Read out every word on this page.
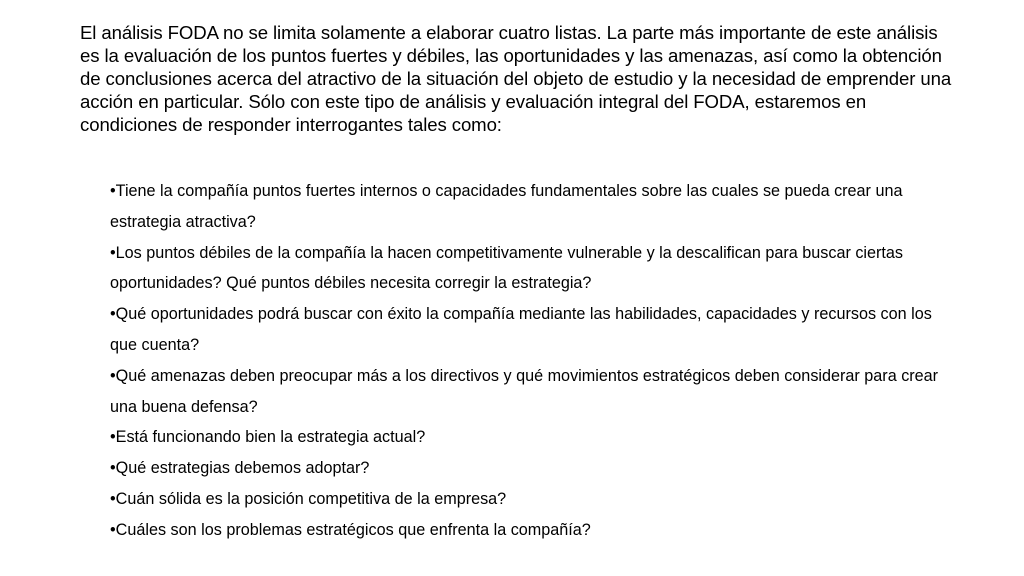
El análisis FODA no se limita solamente a elaborar cuatro listas. La parte más importante de este análisis es la evaluación de los puntos fuertes y débiles, las oportunidades y las amenazas, así como la obtención de conclusiones acerca del atractivo de la situación del objeto de estudio y la necesidad de emprender una acción en particular. Sólo con este tipo de análisis y evaluación integral del FODA, estaremos en condiciones de responder interrogantes tales como:

•Tiene la compañía puntos fuertes internos o capacidades fundamentales sobre las cuales se pueda crear una estrategia atractiva?
•Los puntos débiles de la compañía la hacen competitivamente vulnerable y la descalifican para buscar ciertas oportunidades? Qué puntos débiles necesita corregir la estrategia?
•Qué oportunidades podrá buscar con éxito la compañía mediante las habilidades, capacidades y recursos con los que cuenta?
•Qué amenazas deben preocupar más a los directivos y qué movimientos estratégicos deben considerar para crear una buena defensa?
•Está funcionando bien la estrategia actual?
•Qué estrategias debemos adoptar?
•Cuán sólida es la posición competitiva de la empresa?
•Cuáles son los problemas estratégicos que enfrenta la compañía?
